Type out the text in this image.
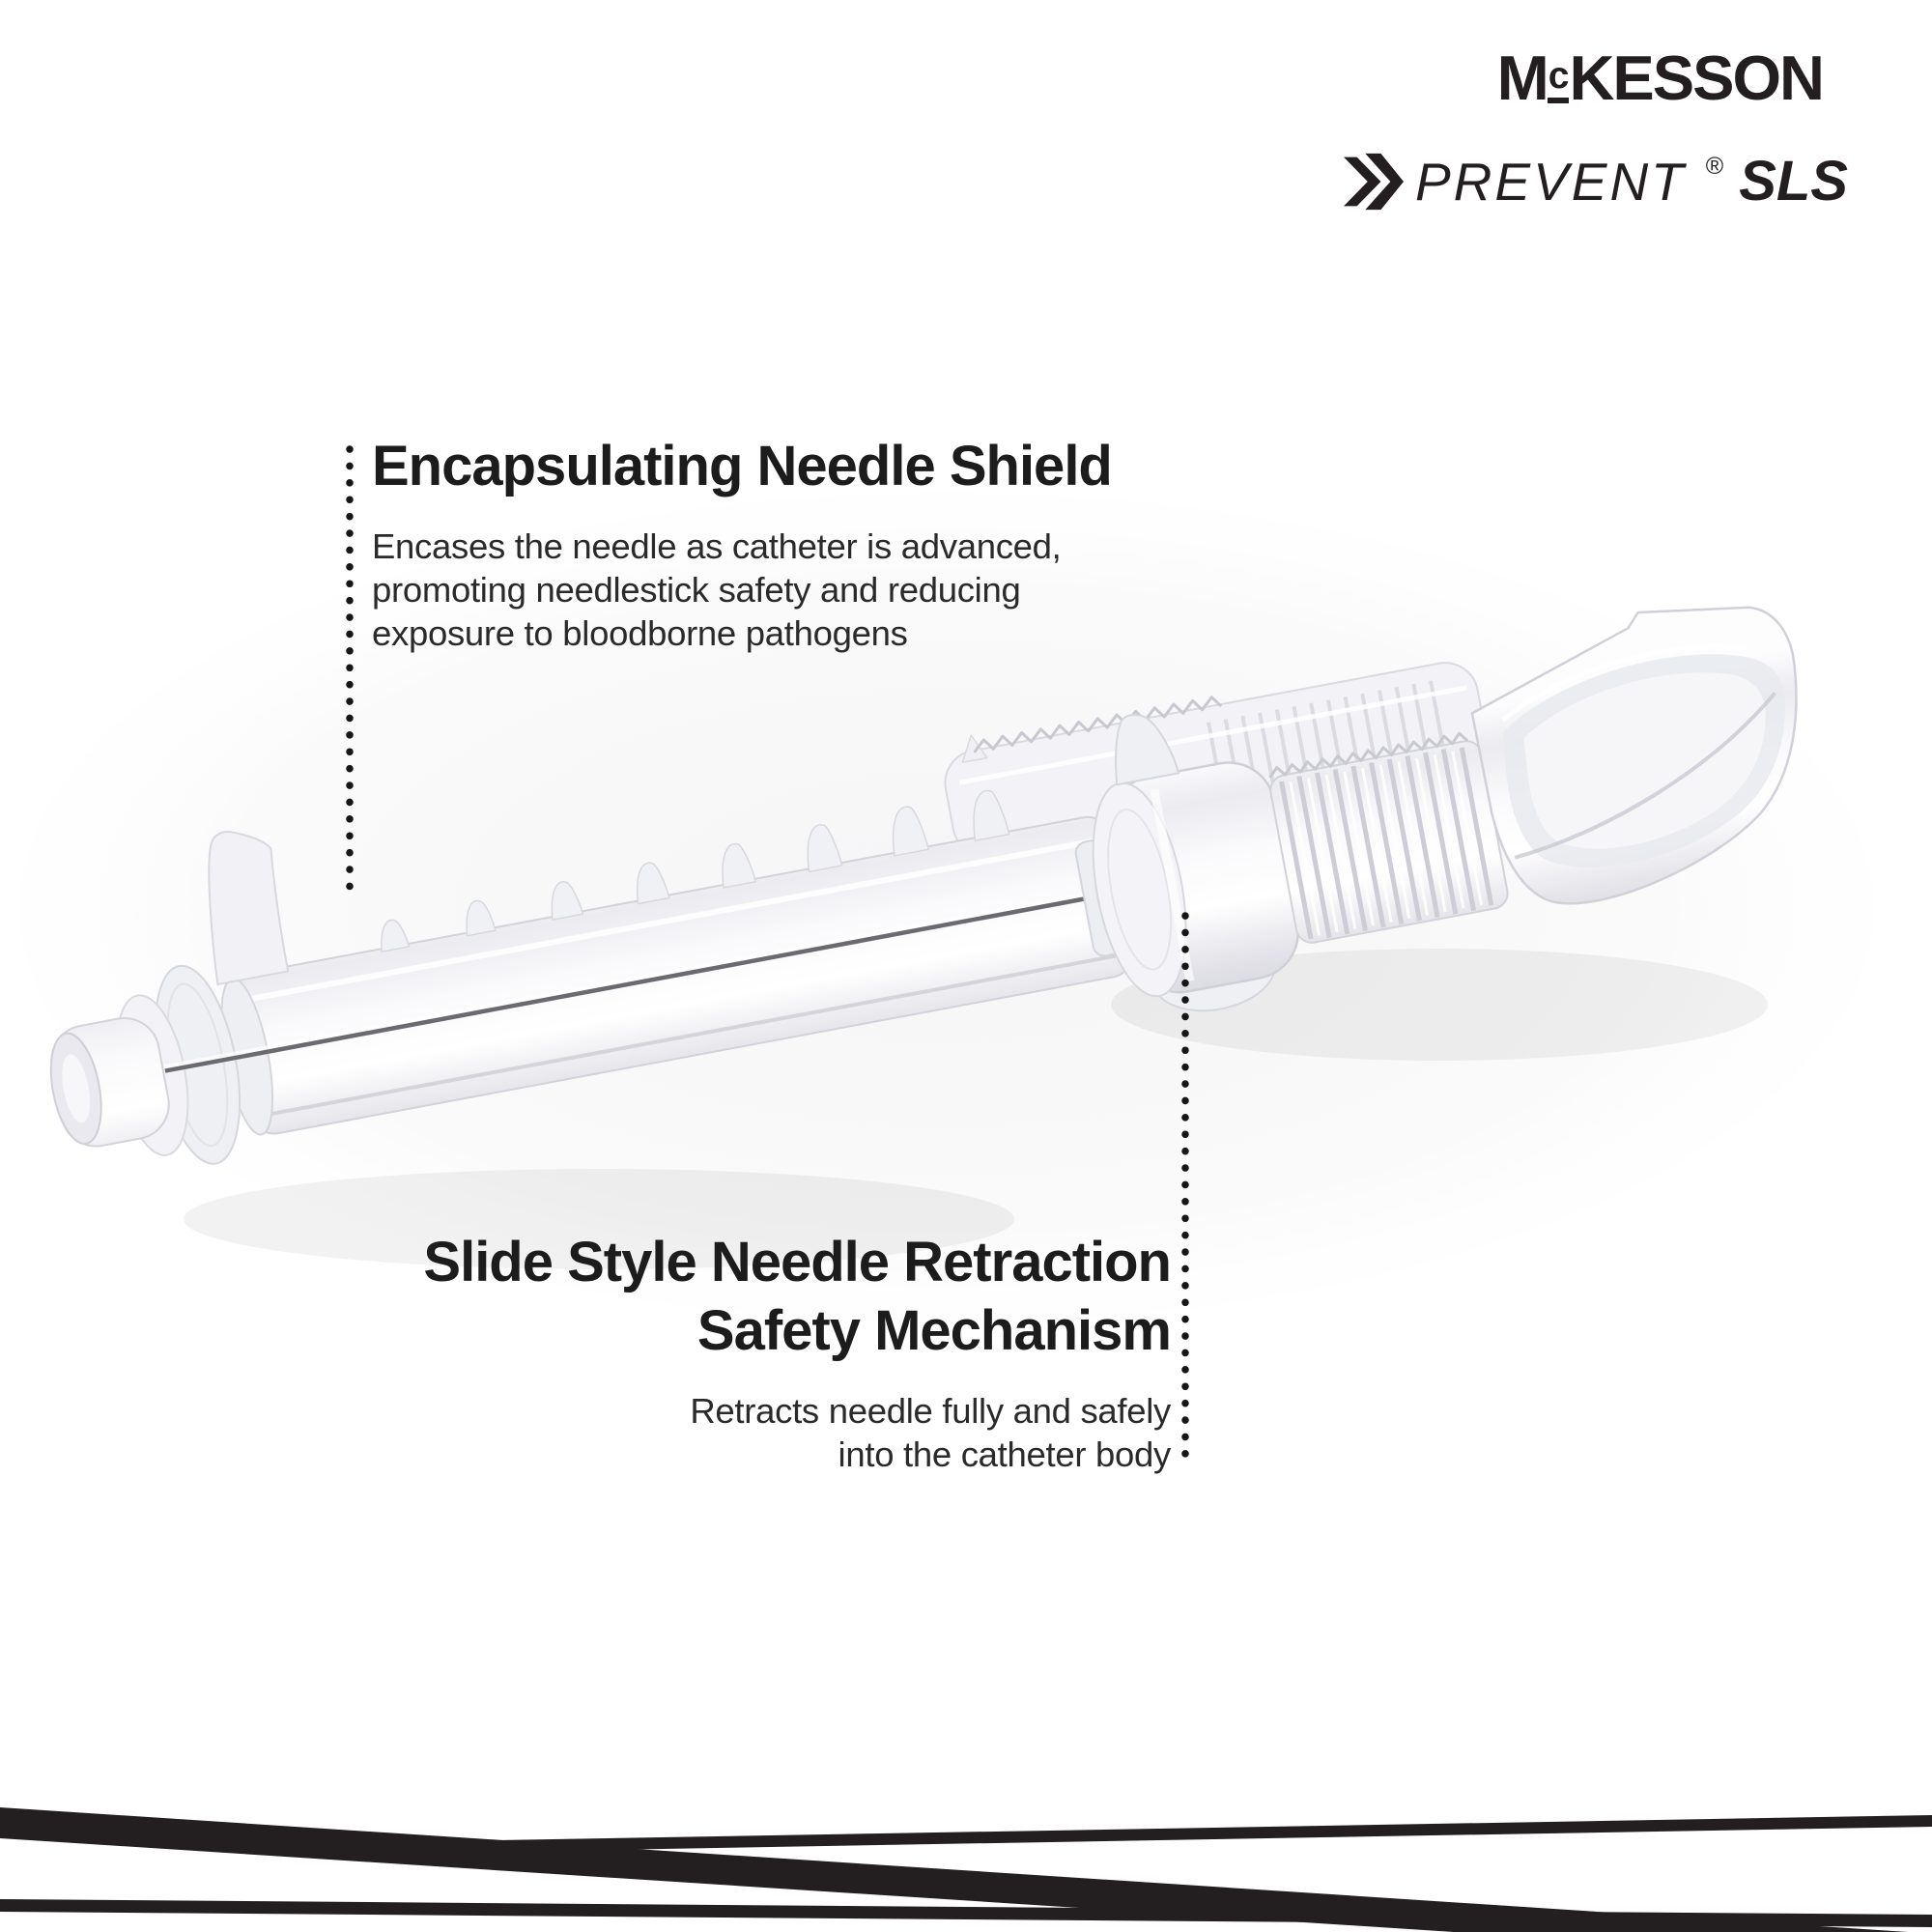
McKESSON
PREVENT ® SLS
Encapsulating Needle Shield
Encases the needle as catheter is advanced,
promoting needlestick safety and reducing
exposure to bloodborne pathogens
Slide Style Needle Retraction
Safety Mechanism
Retracts needle fully and safely
into the catheter body
